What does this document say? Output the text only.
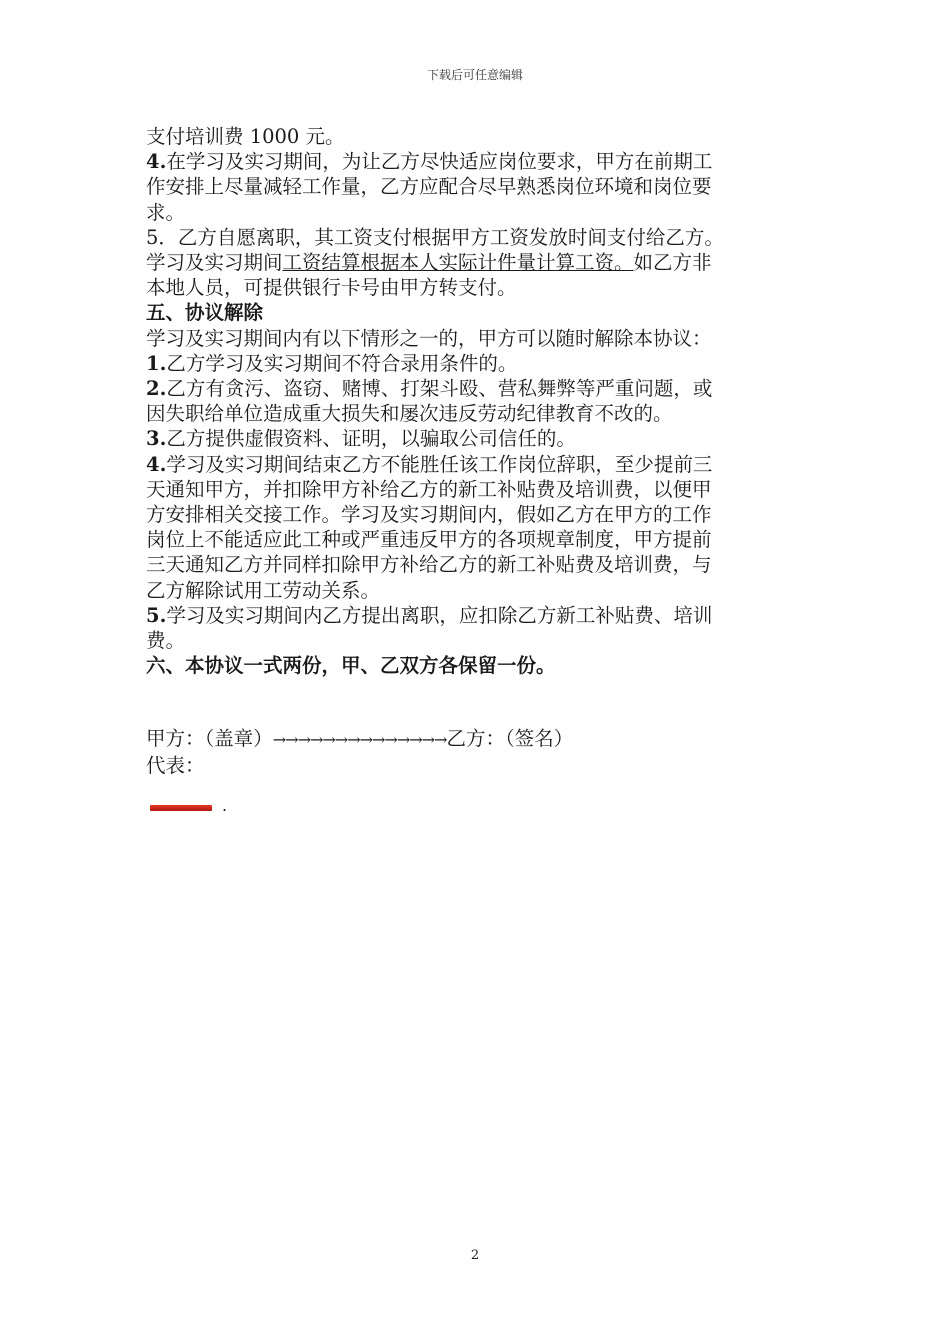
下载后可任意编辑
支付培训费 1000 元。
4.在学习及实习期间，为让乙方尽快适应岗位要求，甲方在前期工
作安排上尽量减轻工作量，乙方应配合尽早熟悉岗位环境和岗位要
求。
5．乙方自愿离职，其工资支付根据甲方工资发放时间支付给乙方。
学习及实习期间工资结算根据本人实际计件量计算工资。如乙方非
本地人员，可提供银行卡号由甲方转支付。
五、协议解除
学习及实习期间内有以下情形之一的，甲方可以随时解除本协议：
1.乙方学习及实习期间不符合录用条件的。
2.乙方有贪污、盗窃、赌博、打架斗殴、营私舞弊等严重问题，或
因失职给单位造成重大损失和屡次违反劳动纪律教育不改的。
3.乙方提供虚假资料、证明，以骗取公司信任的。
4.学习及实习期间结束乙方不能胜任该工作岗位辞职，至少提前三
天通知甲方，并扣除甲方补给乙方的新工补贴费及培训费，以便甲
方安排相关交接工作。学习及实习期间内，假如乙方在甲方的工作
岗位上不能适应此工种或严重违反甲方的各项规章制度，甲方提前
三天通知乙方并同样扣除甲方补给乙方的新工补贴费及培训费，与
乙方解除试用工劳动关系。
5.学习及实习期间内乙方提出离职，应扣除乙方新工补贴费、培训
费。
六、本协议一式两份，甲、乙双方各保留一份。
甲方：（盖章）→→→→→→→→→→→→→→乙方：（签名）
代表：
.
2
